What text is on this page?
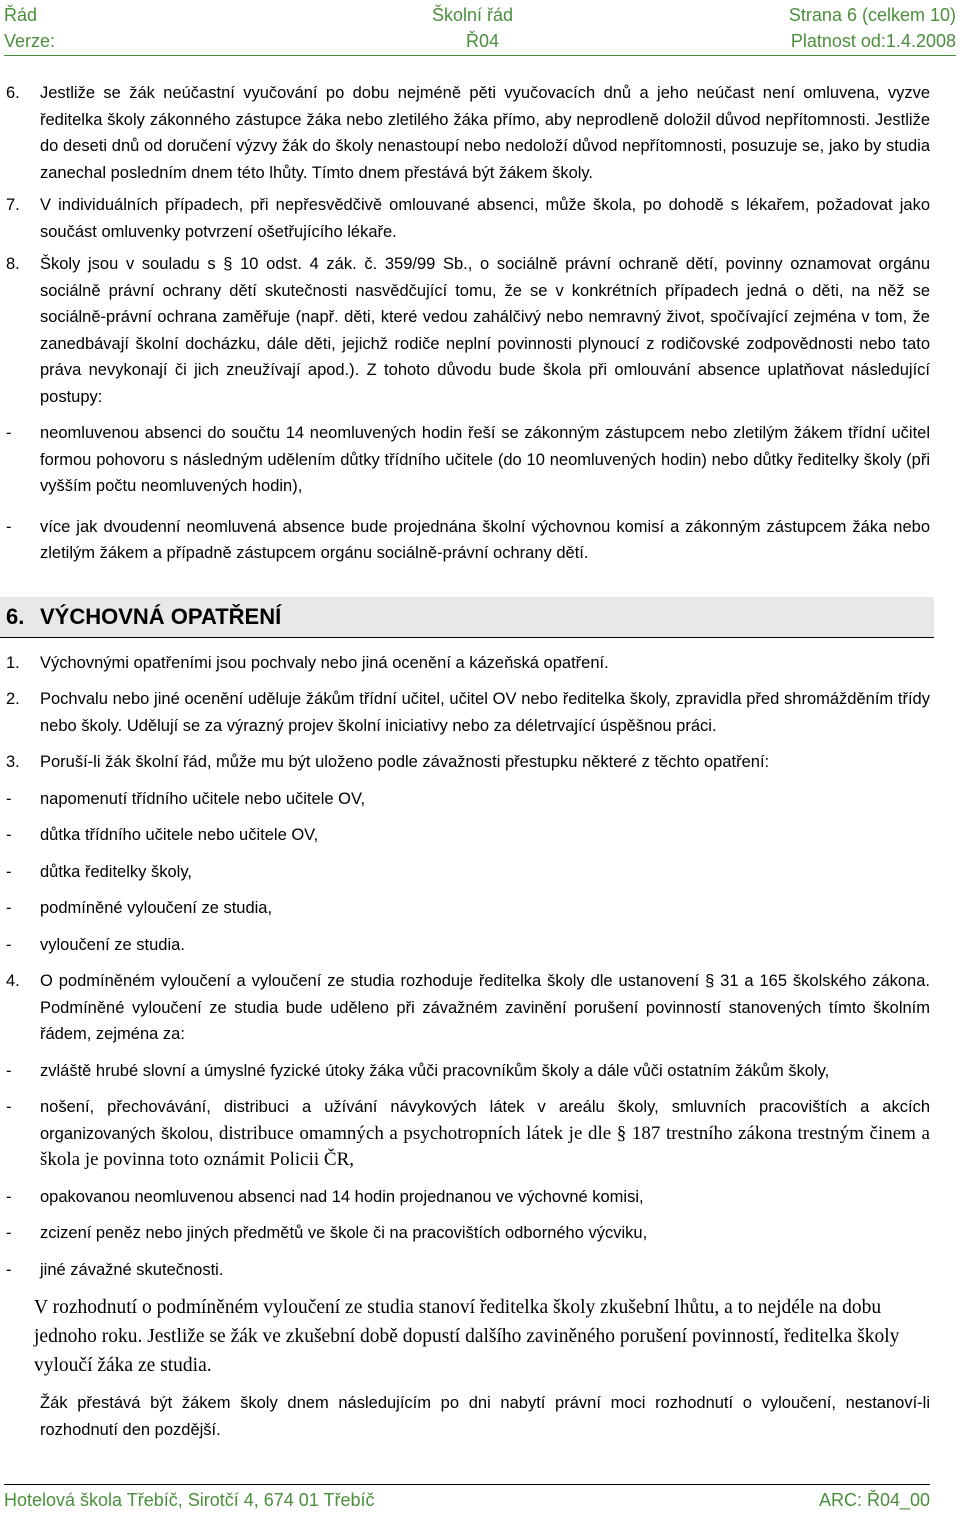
Řád	Školní řád	Strana 6 (celkem 10)
Verze:	Ř04	Platnost od:1.4.2008
6. Jestliže se žák neúčastní vyučování po dobu nejméně pěti vyučovacích dnů a jeho neúčast není omluvena, vyzve ředitelka školy zákonného zástupce žáka nebo zletilého žáka přímo, aby neprodleně doložil důvod nepřítomnosti. Jestliže do deseti dnů od doručení výzvy žák do školy nenastoupí nebo nedoloží důvod nepřítomnosti, posuzuje se, jako by studia zanechal posledním dnem této lhůty. Tímto dnem přestává být žákem školy.
7. V individuálních případech, při nepřesvědčivě omlouvané absenci, může škola, po dohodě s lékařem, požadovat jako součást omluvenky potvrzení ošetřujícího lékaře.
8. Školy jsou v souladu s § 10 odst. 4 zák. č. 359/99 Sb., o sociálně právní ochraně dětí, povinny oznamovat orgánu sociálně právní ochrany dětí skutečnosti nasvědčující tomu, že se v konkrétních případech jedná o děti, na něž se sociálně-právní ochrana zaměřuje (např. děti, které vedou zahálčivý nebo nemravný život, spočívající zejména v tom, že zanedbávají školní docházku, dále děti, jejichž rodiče neplní povinnosti plynoucí z rodičovské zodpovědnosti nebo tato práva nevykonají či jich zneužívají apod.). Z tohoto důvodu bude škola při omlouvání absence uplatňovat následující postupy:
- neomluvenou absenci do součtu 14 neomluvených hodin řeší se zákonným zástupcem nebo zletilým žákem třídní učitel formou pohovoru s následným udělením důtky třídního učitele (do 10 neomluvených hodin) nebo důtky ředitelky školy (při vyšším počtu neomluvených hodin),
- více jak dvoudenní neomluvená absence bude projednána školní výchovnou komisí a zákonným zástupcem žáka nebo zletilým žákem a případně zástupcem orgánu sociálně-právní ochrany dětí.
6. VÝCHOVNÁ OPATŘENÍ
1. Výchovnými opatřeními jsou pochvaly nebo jiná ocenění a kázeňská opatření.
2. Pochvalu nebo jiné ocenění uděluje žákům třídní učitel, učitel OV nebo ředitelka školy, zpravidla před shromážděním třídy nebo školy. Udělují se za výrazný projev školní iniciativy nebo za déletrvající úspěšnou práci.
3. Poruší-li žák školní řád, může mu být uloženo podle závažnosti přestupku některé z těchto opatření:
- napomenutí třídního učitele nebo učitele OV,
- důtka třídního učitele nebo učitele OV,
- důtka ředitelky školy,
- podmíněné vyloučení ze studia,
- vyloučení ze studia.
4. O podmíněném vyloučení a vyloučení ze studia rozhoduje ředitelka školy dle ustanovení § 31 a 165 školského zákona. Podmíněné vyloučení ze studia bude uděleno při závažném zavinění porušení povinností stanovených tímto školním řádem, zejména za:
- zvláště hrubé slovní a úmyslné fyzické útoky žáka vůči pracovníkům školy a dále vůči ostatním žákům školy,
- nošení, přechovávání, distribuci a užívání návykových látek v areálu školy, smluvních pracovištích a akcích organizovaných školou, distribuce omamných a psychotropních látek je dle § 187 trestního zákona trestným činem a škola je povinna toto oznámit Policii ČR,
- opakovanou neomluvenou absenci nad 14 hodin projednanou ve výchovné komisi,
- zcizení peněz nebo jiných předmětů ve škole či na pracovištích odborného výcviku,
- jiné závažné skutečnosti.
V rozhodnutí o podmíněném vyloučení ze studia stanoví ředitelka školy zkušební lhůtu, a to nejdéle na dobu jednoho roku. Jestliže se žák ve zkušební době dopustí dalšího zaviněného porušení povinností, ředitelka školy vyloučí žáka ze studia.
Žák přestává být žákem školy dnem následujícím po dni nabytí právní moci rozhodnutí o vyloučení, nestanoví-li rozhodnutí den pozdější.
Hotelová škola Třebíč, Sirotčí 4, 674 01 Třebíč	ARC: Ř04_00
